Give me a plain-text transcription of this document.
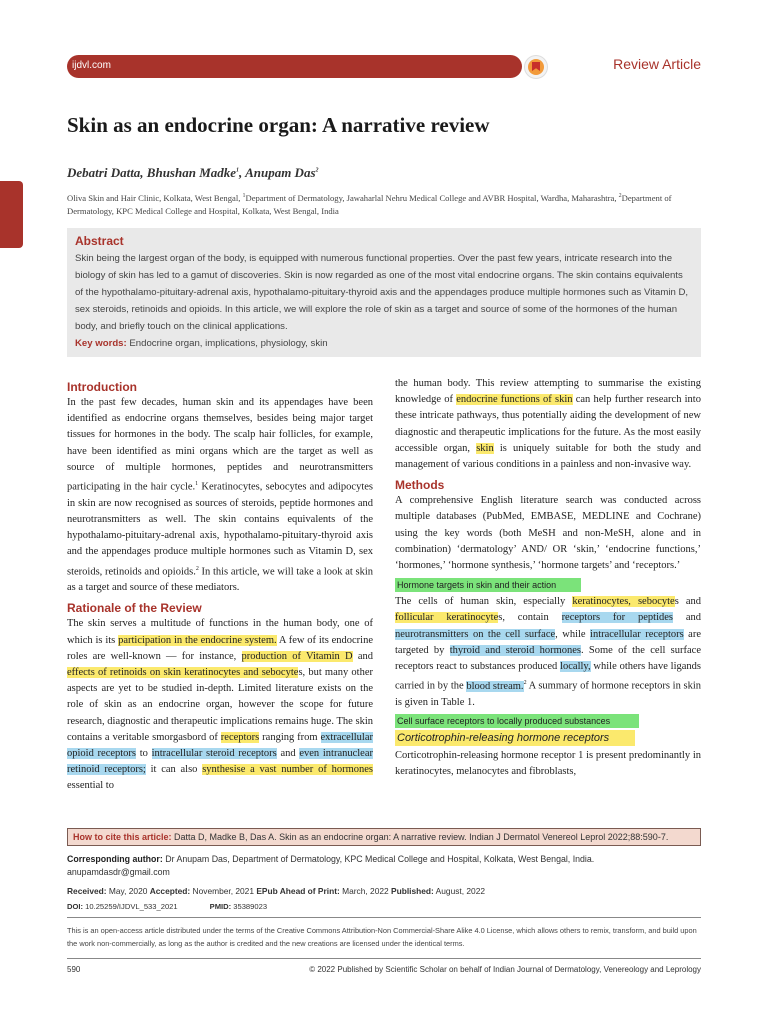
ijdvl.com	Review Article
Skin as an endocrine organ: A narrative review
Debatri Datta, Bhushan Madke$^1$, Anupam Das$^2$
Oliva Skin and Hair Clinic, Kolkata, West Bengal, $^1$Department of Dermatology, Jawaharlal Nehru Medical College and AVBR Hospital, Wardha, Maharashtra, $^2$Department of Dermatology, KPC Medical College and Hospital, Kolkata, West Bengal, India
Abstract

Skin being the largest organ of the body, is equipped with numerous functional properties. Over the past few years, intricate research into the biology of skin has led to a gamut of discoveries. Skin is now regarded as one of the most vital endocrine organs. The skin contains equivalents of the hypothalamo-pituitary-adrenal axis, hypothalamo-pituitary-thyroid axis and the appendages produce multiple hormones such as Vitamin D, sex steroids, retinoids and opioids. In this article, we will explore the role of skin as a target and source of some of the hormones of the human body, and briefly touch on the clinical applications.

Key words: Endocrine organ, implications, physiology, skin
Introduction

In the past few decades, human skin and its appendages have been identified as endocrine organs themselves, besides being major target tissues for hormones in the body. The scalp hair follicles, for example, have been identified as mini organs which are the target as well as source of multiple hormones, peptides and neurotransmitters participating in the hair cycle.$^1$ Keratinocytes, sebocytes and adipocytes in skin are now recognised as sources of steroids, peptide hormones and neurotransmitters as well. The skin contains equivalents of the hypothalamo-pituitary-adrenal axis, hypothalamo-pituitary-thyroid axis and the appendages produce multiple hormones such as Vitamin D, sex steroids, retinoids and opioids.$^2$ In this article, we will take a look at skin as a target and source of these mediators.

Rationale of the Review

The skin serves a multitude of functions in the human body, one of which is its participation in the endocrine system. A few of its endocrine roles are well-known — for instance, production of Vitamin D and effects of retinoids on skin keratinocytes and sebocytes, but many other aspects are yet to be studied in-depth. Limited literature exists on the role of skin as an endocrine organ, however the scope for future research, diagnostic and therapeutic implications remains huge. The skin contains a veritable smorgasbord of receptors ranging from extracellular opioid receptors to intracellular steroid receptors and even intranuclear retinoid receptors; it can also synthesise a vast number of hormones essential to

the human body. This review attempting to summarise the existing knowledge of endocrine functions of skin can help further research into these intricate pathways, thus potentially aiding the development of new diagnostic and therapeutic implications for the future. As the most easily accessible organ, skin is uniquely suitable for both the study and management of various conditions in a painless and non-invasive way.

Methods

A comprehensive English literature search was conducted across multiple databases (PubMed, EMBASE, MEDLINE and Cochrane) using the key words (both MeSH and non-MeSH, alone and in combination) ‘dermatology’ AND/ OR ‘skin,’ ‘endocrine functions,’ ‘hormones,’ ‘hormone synthesis,’ ‘hormone targets’ and ‘receptors.’

Hormone targets in skin and their action

The cells of human skin, especially keratinocytes, sebocytes and follicular keratinocytes, contain receptors for peptides and neurotransmitters on the cell surface, while intracellular receptors are targeted by thyroid and steroid hormones. Some of the cell surface receptors react to substances produced locally, while others have ligands carried in by the blood stream.$^2$ A summary of hormone receptors in skin is given in Table 1.

Cell surface receptors to locally produced substances
Corticotrophin-releasing hormone receptors

Corticotrophin-releasing hormone receptor 1 is present predominantly in keratinocytes, melanocytes and fibroblasts,

How to cite this article: Datta D, Madke B, Das A. Skin as an endocrine organ: A narrative review. Indian J Dermatol Venereol Leprol 2022;88:590-7.
Corresponding author: Dr Anupam Das, Department of Dermatology, KPC Medical College and Hospital, Kolkata, West Bengal, India.
anupamdasdr@gmail.com
Received: May, 2020 Accepted: November, 2021 EPub Ahead of Print: March, 2022 Published: August, 2022
DOI: 10.25259/IJDVL_533_2021	PMID: 35389023
This is an open-access article distributed under the terms of the Creative Commons Attribution-Non Commercial-Share Alike 4.0 License, which allows others to remix, transform, and build upon the work non-commercially, as long as the author is credited and the new creations are licensed under the identical terms.
590	© 2022 Published by Scientific Scholar on behalf of Indian Journal of Dermatology, Venereology and Leprology
